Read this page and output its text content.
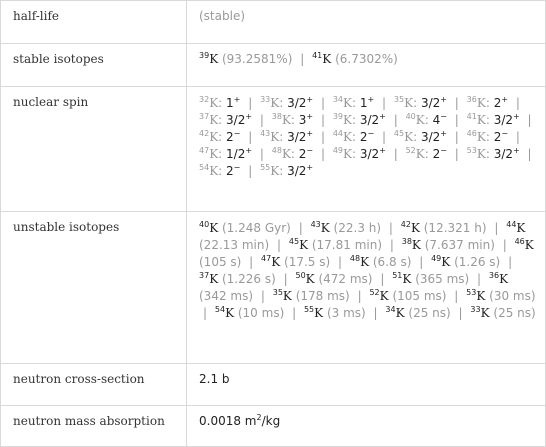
half-life	(stable)
stable isotopes	$^{39}$K (93.2581%) | $^{41}$K (6.7302%)
nuclear spin	$^{32}$K: 1+ | $^{33}$K: 3/2+ | $^{34}$K: 1+ | $^{35}$K: 3/2+ | $^{36}$K: 2+ | $^{37}$K: 3/2+ | $^{38}$K: 3+ | $^{39}$K: 3/2+ | $^{40}$K: 4− | $^{41}$K: 3/2+ | $^{42}$K: 2− | $^{43}$K: 3/2+ | $^{44}$K: 2− | $^{45}$K: 3/2+ | $^{46}$K: 2− | $^{47}$K: 1/2+ | $^{48}$K: 2− | $^{49}$K: 3/2+ | $^{52}$K: 2− | $^{53}$K: 3/2+ | $^{54}$K: 2− | $^{55}$K: 3/2+
unstable isotopes	$^{40}$K (1.248 Gyr) | $^{43}$K (22.3 h) | $^{42}$K (12.321 h) | $^{44}$K (22.13 min) | $^{45}$K (17.81 min) | $^{38}$K (7.637 min) | $^{46}$K (105 s) | $^{47}$K (17.5 s) | $^{48}$K (6.8 s) | $^{49}$K (1.26 s) | $^{37}$K (1.226 s) | $^{50}$K (472 ms) | $^{51}$K (365 ms) | $^{36}$K (342 ms) | $^{35}$K (178 ms) | $^{52}$K (105 ms) | $^{53}$K (30 ms) | $^{54}$K (10 ms) | $^{55}$K (3 ms) | $^{34}$K (25 ns) | $^{33}$K (25 ns)
neutron cross-section	2.1 b
neutron mass absorption	0.0018 $m^2/kg$
